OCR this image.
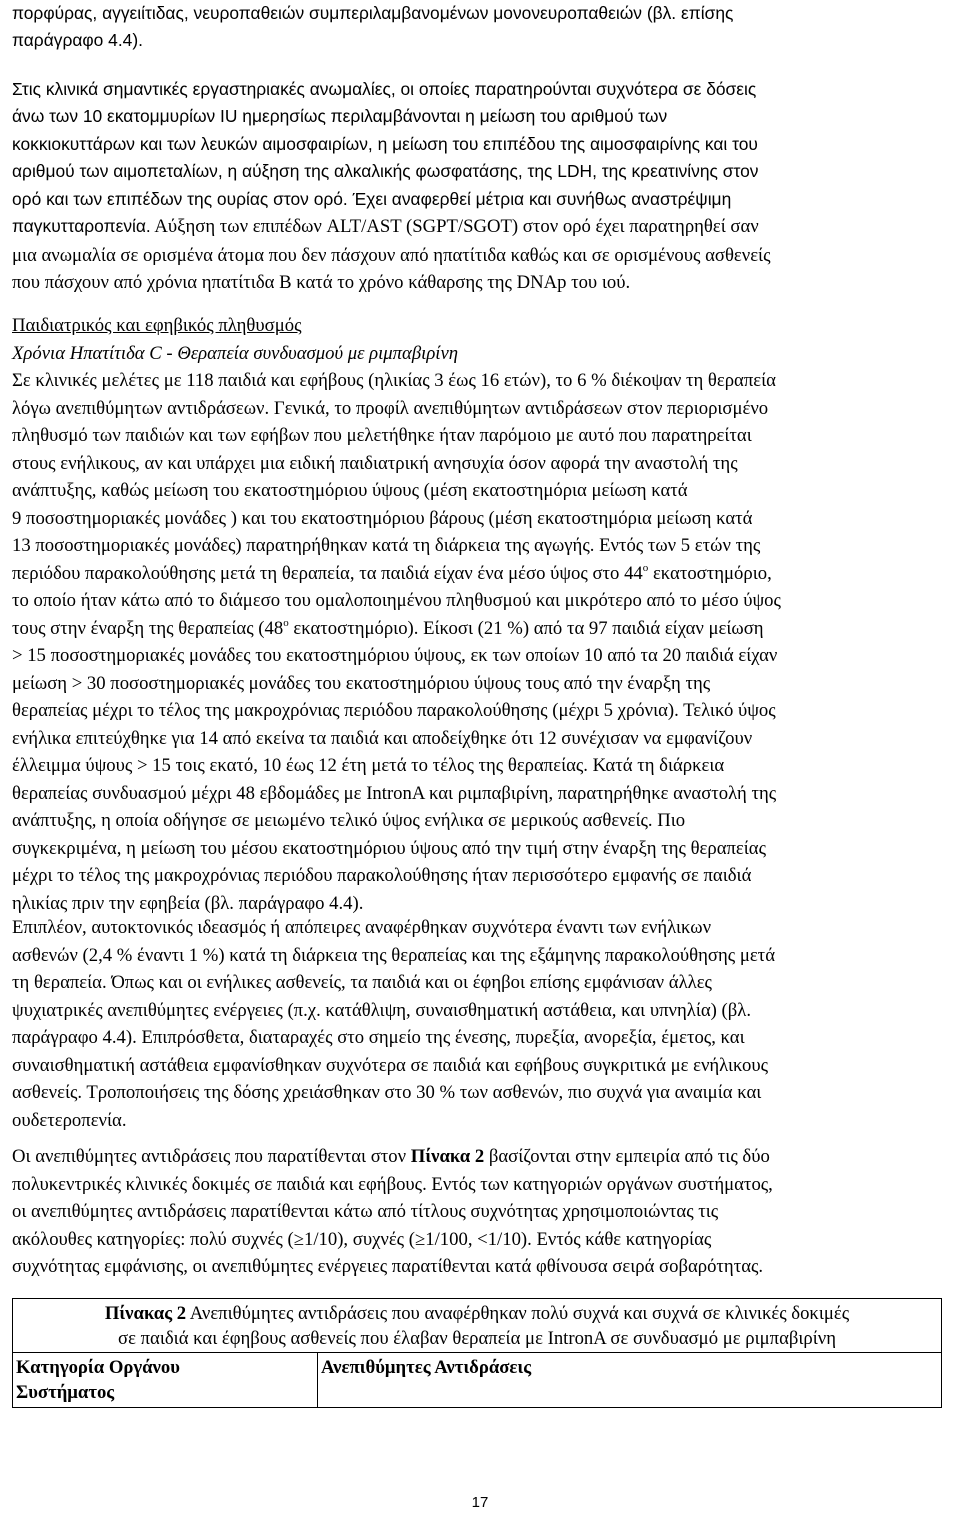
πορφύρας, αγγειίτιδας, νευροπαθειών συμπεριλαμβανομένων μονονευροπαθειών (βλ. επίσης
παράγραφο 4.4).
Στις κλινικά σημαντικές εργαστηριακές ανωμαλίες, οι οποίες παρατηρούνται συχνότερα σε δόσεις
άνω των 10 εκατομμυρίων IU ημερησίως περιλαμβάνονται η μείωση του αριθμού των
κοκκιοκυττάρων και των λευκών αιμοσφαιρίων, η μείωση του επιπέδου της αιμοσφαιρίνης και του
αριθμού των αιμοπεταλίων, η αύξηση της αλκαλικής φωσφατάσης, της LDH, της κρεατινίνης στον
ορό και των επιπέδων της ουρίας στον ορό. Έχει αναφερθεί μέτρια και συνήθως αναστρέψιμη
παγκυτταροπενία. Αύξηση των επιπέδων ALT/AST (SGPT/SGOT) στον ορό έχει παρατηρηθεί σαν
μια ανωμαλία σε ορισμένα άτομα που δεν πάσχουν από ηπατίτιδα καθώς και σε ορισμένους ασθενείς
που πάσχουν από χρόνια ηπατίτιδα B κατά το χρόνο κάθαρσης της DNAp του ιού.
Παιδιατρικός και εφηβικός πληθυσμός
Χρόνια Ηπατίτιδα C - Θεραπεία συνδυασμού με ριμπαβιρίνη
Σε κλινικές μελέτες με 118 παιδιά και εφήβους (ηλικίας 3 έως 16 ετών), το 6 % διέκοψαν τη θεραπεία
λόγω ανεπιθύμητων αντιδράσεων. Γενικά, το προφίλ ανεπιθύμητων αντιδράσεων στον περιορισμένο
πληθυσμό των παιδιών και των εφήβων που μελετήθηκε ήταν παρόμοιο με αυτό που παρατηρείται
στους ενήλικους, αν και υπάρχει μια ειδική παιδιατρική ανησυχία όσον αφορά την αναστολή της
ανάπτυξης, καθώς μείωση του εκατοστημόριου ύψους (μέση εκατοστημόρια μείωση κατά
9 ποσοστημοριακές μονάδες ) και του εκατοστημόριου βάρους (μέση εκατοστημόρια μείωση κατά
13 ποσοστημοριακές μονάδες) παρατηρήθηκαν κατά τη διάρκεια της αγωγής. Εντός των 5 ετών της
περιόδου παρακολούθησης μετά τη θεραπεία, τα παιδιά είχαν ένα μέσο ύψος στο $44^o$ εκατοστημόριο,
το οποίο ήταν κάτω από το διάμεσο του ομαλοποιημένου πληθυσμού και μικρότερο από το μέσο ύψος
τους στην έναρξη της θεραπείας ($48^o$ εκατοστημόριο). Είκοσι (21 %) από τα 97 παιδιά είχαν μείωση
> 15 ποσοστημοριακές μονάδες του εκατοστημόριου ύψους, εκ των οποίων 10 από τα 20 παιδιά είχαν
μείωση > 30 ποσοστημοριακές μονάδες του εκατοστημόριου ύψους τους από την έναρξη της
θεραπείας μέχρι το τέλος της μακροχρόνιας περιόδου παρακολούθησης (μέχρι 5 χρόνια). Τελικό ύψος
ενήλικα επιτεύχθηκε για 14 από εκείνα τα παιδιά και αποδείχθηκε ότι 12 συνέχισαν να εμφανίζουν
έλλειμμα ύψους > 15 τοις εκατό, 10 έως 12 έτη μετά το τέλος της θεραπείας. Κατά τη διάρκεια
θεραπείας συνδυασμού μέχρι 48 εβδομάδες με IntronA και ριμπαβιρίνη, παρατηρήθηκε αναστολή της
ανάπτυξης, η οποία οδήγησε σε μειωμένο τελικό ύψος ενήλικα σε μερικούς ασθενείς. Πιο
συγκεκριμένα, η μείωση του μέσου εκατοστημόριου ύψους από την τιμή στην έναρξη της θεραπείας
μέχρι το τέλος της μακροχρόνιας περιόδου παρακολούθησης ήταν περισσότερο εμφανής σε παιδιά
ηλικίας πριν την εφηβεία (βλ. παράγραφο 4.4).
Επιπλέον, αυτοκτονικός ιδεασμός ή απόπειρες αναφέρθηκαν συχνότερα έναντι των ενήλικων
ασθενών (2,4 % έναντι 1 %) κατά τη διάρκεια της θεραπείας και της εξάμηνης παρακολούθησης μετά
τη θεραπεία. Όπως και οι ενήλικες ασθενείς, τα παιδιά και οι έφηβοι επίσης εμφάνισαν άλλες
ψυχιατρικές ανεπιθύμητες ενέργειες (π.χ. κατάθλιψη, συναισθηματική αστάθεια, και υπνηλία) (βλ.
παράγραφο 4.4). Επιπρόσθετα, διαταραχές στο σημείο της ένεσης, πυρεξία, ανορεξία, έμετος, και
συναισθηματική αστάθεια εμφανίσθηκαν συχνότερα σε παιδιά και εφήβους συγκριτικά με ενήλικους
ασθενείς. Τροποποιήσεις της δόσης χρειάσθηκαν στο 30 % των ασθενών, πιο συχνά για αναιμία και
ουδετεροπενία.
Οι ανεπιθύμητες αντιδράσεις που παρατίθενται στον Πίνακα 2 βασίζονται στην εμπειρία από τις δύο
πολυκεντρικές κλινικές δοκιμές σε παιδιά και εφήβους. Εντός των κατηγοριών οργάνων συστήματος,
οι ανεπιθύμητες αντιδράσεις παρατίθενται κάτω από τίτλους συχνότητας χρησιμοποιώντας τις
ακόλουθες κατηγορίες: πολύ συχνές (≥1/10), συχνές (≥1/100, <1/10). Εντός κάθε κατηγορίας
συχνότητας εμφάνισης, οι ανεπιθύμητες ενέργειες παρατίθενται κατά φθίνουσα σειρά σοβαρότητας.
Πίνακας 2 Ανεπιθύμητες αντιδράσεις που αναφέρθηκαν πολύ συχνά και συχνά σε κλινικές δοκιμές
σε παιδιά και έφηβους ασθενείς που έλαβαν θεραπεία με IntronA σε συνδυασμό με ριμπαβιρίνη
Κατηγορία Οργάνου
Συστήματος	Ανεπιθύμητες Αντιδράσεις
17
